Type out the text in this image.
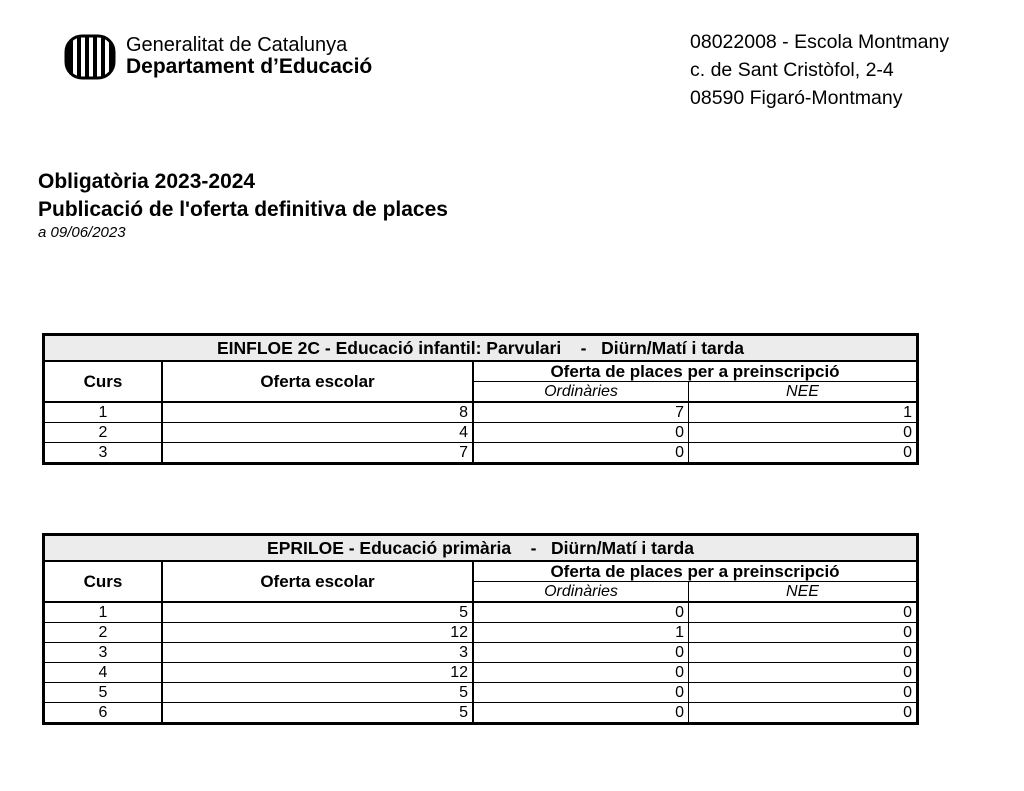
Generalitat de Catalunya
Departament d’Educació
08022008 - Escola Montmany
c. de Sant Cristòfol, 2-4
08590 Figaró-Montmany
Obligatòria 2023-2024
Publicació de l'oferta definitiva de places
a 09/06/2023
EINFLOE 2C - Educació infantil: Parvulari    -   Diürn/Matí i tarda			
Curs	Oferta escolar	Oferta de places per a preinscripció	
		Ordinàries	NEE
1	8	7	1
2	4	0	0
3	7	0	0
EPRILOE - Educació primària    -   Diürn/Matí i tarda			
Curs	Oferta escolar	Oferta de places per a preinscripció	
		Ordinàries	NEE
1	5	0	0
2	12	1	0
3	3	0	0
4	12	0	0
5	5	0	0
6	5	0	0
